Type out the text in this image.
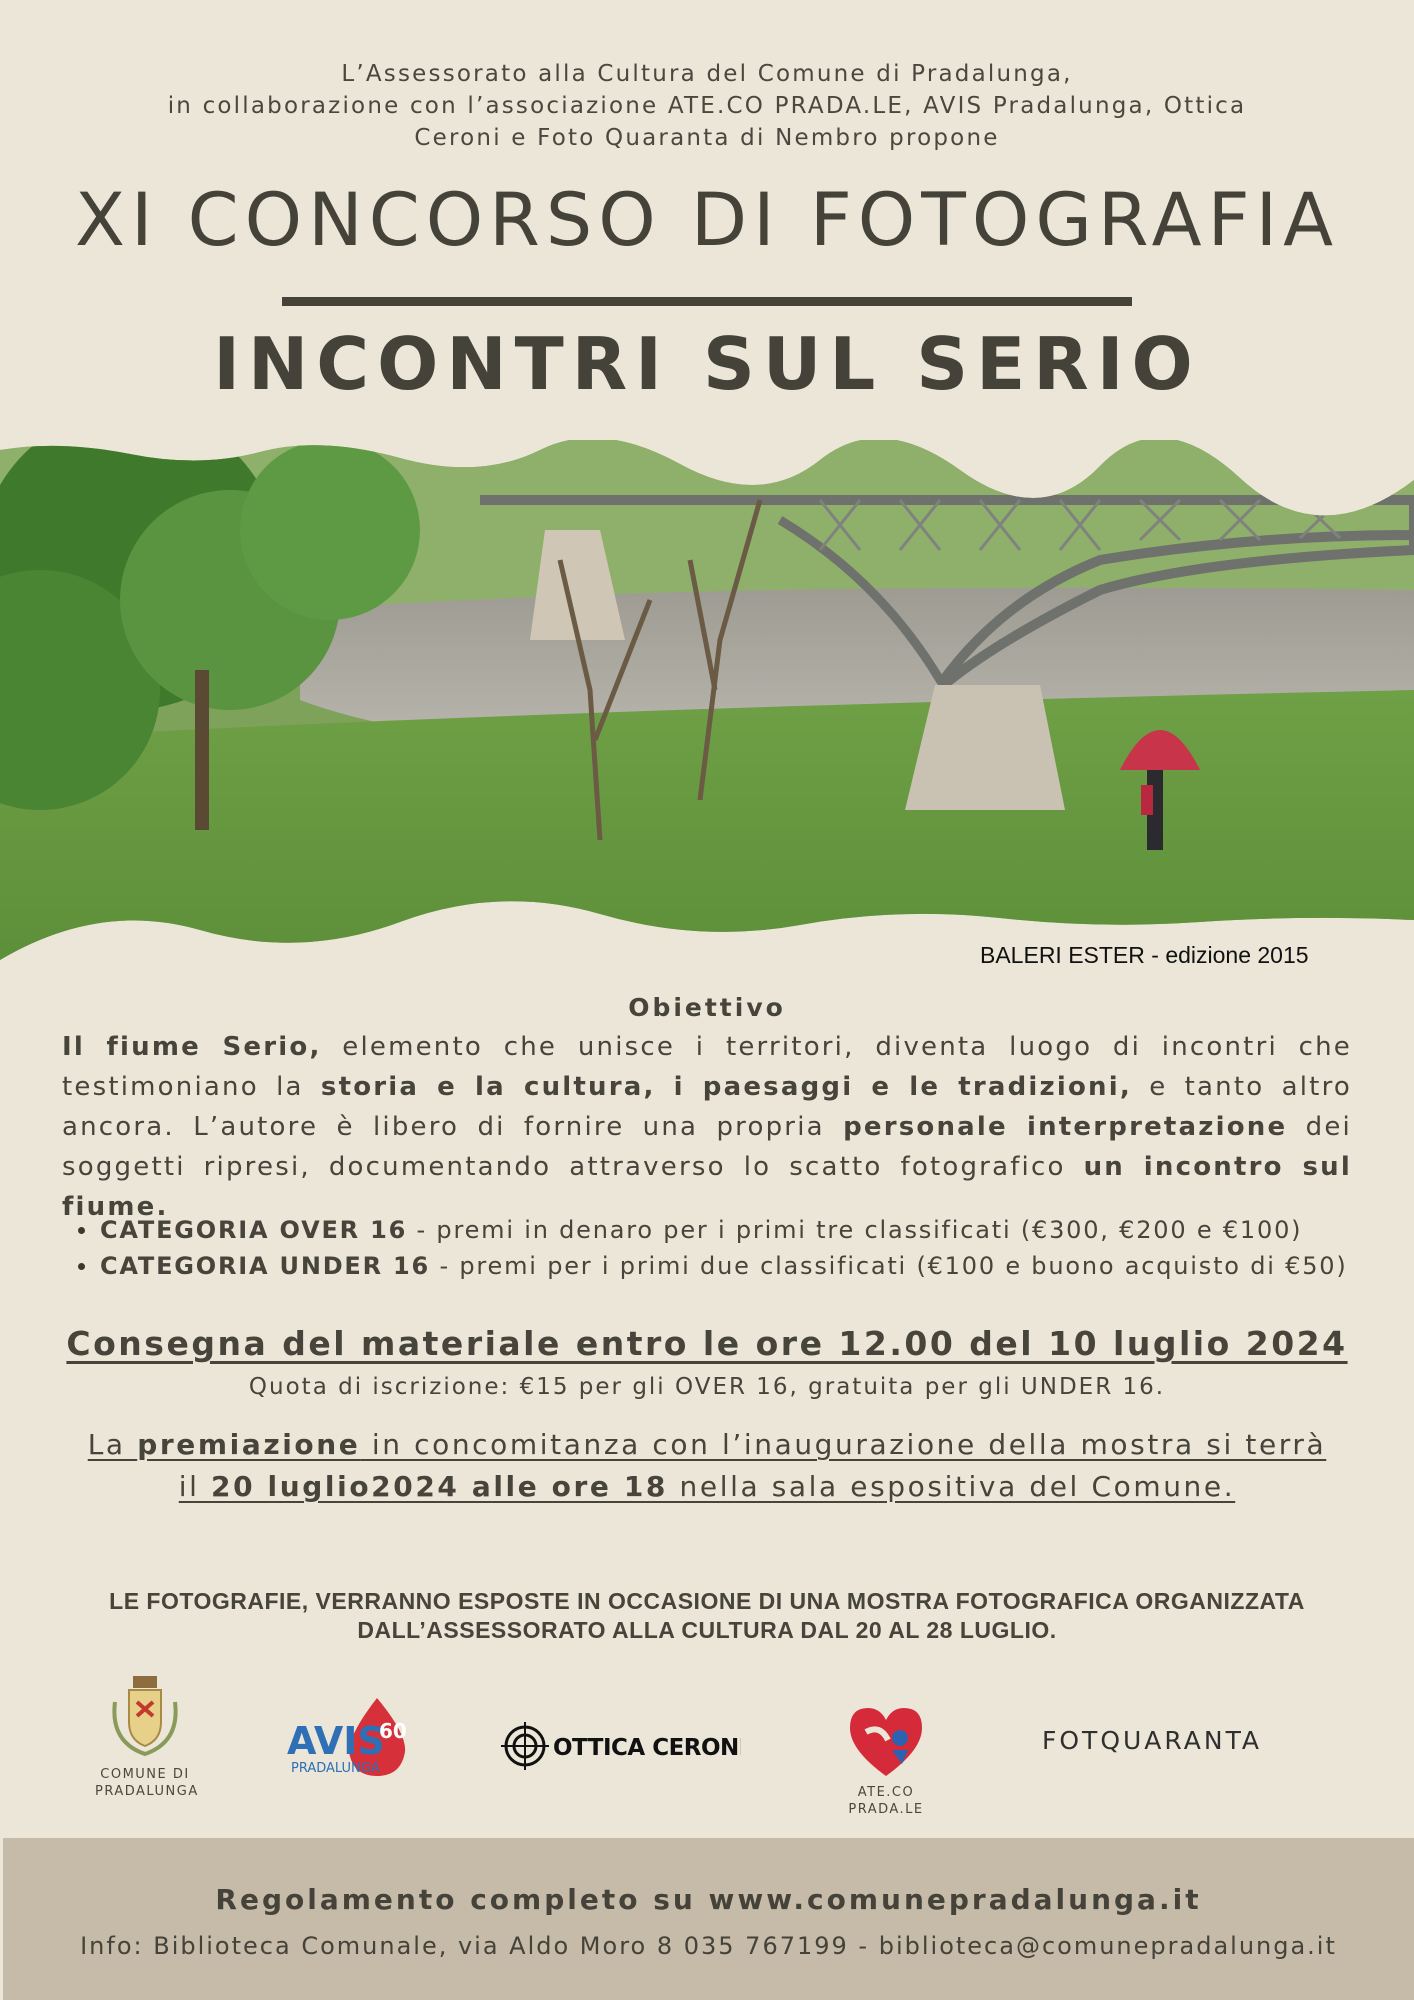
L’Assessorato alla Cultura del Comune di Pradalunga,
in collaborazione con l’associazione ATE.CO PRADA.LE, AVIS Pradalunga, Ottica
Ceroni e Foto Quaranta di Nembro propone
XI CONCORSO DI FOTOGRAFIA
INCONTRI SUL SERIO
BALERI ESTER - edizione 2015
Obiettivo
Il fiume Serio, elemento che unisce i territori, diventa luogo di incontri che testimoniano la storia e la cultura, i paesaggi e le tradizioni, e tanto altro ancora. L’autore è libero di fornire una propria personale interpretazione dei soggetti ripresi, documentando attraverso lo scatto fotografico un incontro sul fiume.
CATEGORIA OVER 16 - premi in denaro per i primi tre classificati (€300, €200 e €100)
CATEGORIA UNDER 16 - premi per i primi due classificati (€100 e buono acquisto di €50)
Consegna del materiale entro le ore 12.00 del 10 luglio 2024
Quota di iscrizione: €15 per gli OVER 16, gratuita per gli UNDER 16.
La premiazione in concomitanza con l’inaugurazione della mostra si terrà
il 20 luglio2024 alle ore 18 nella sala espositiva del Comune.
LE FOTOGRAFIE, VERRANNO ESPOSTE IN OCCASIONE DI UNA MOSTRA FOTOGRAFICA ORGANIZZATA
DALL’ASSESSORATO ALLA CULTURA DAL 20 AL 28 LUGLIO.
COMUNE DI
PRADALUNGA
AVIS
60
PRADALUNGA
OTTICA CERONI
ATE.CO
PRADA.LE
FOTQUARANTA
Regolamento completo su www.comunepradalunga.it
Info: Biblioteca Comunale, via Aldo Moro 8 035 767199 - biblioteca@comunepradalunga.it
